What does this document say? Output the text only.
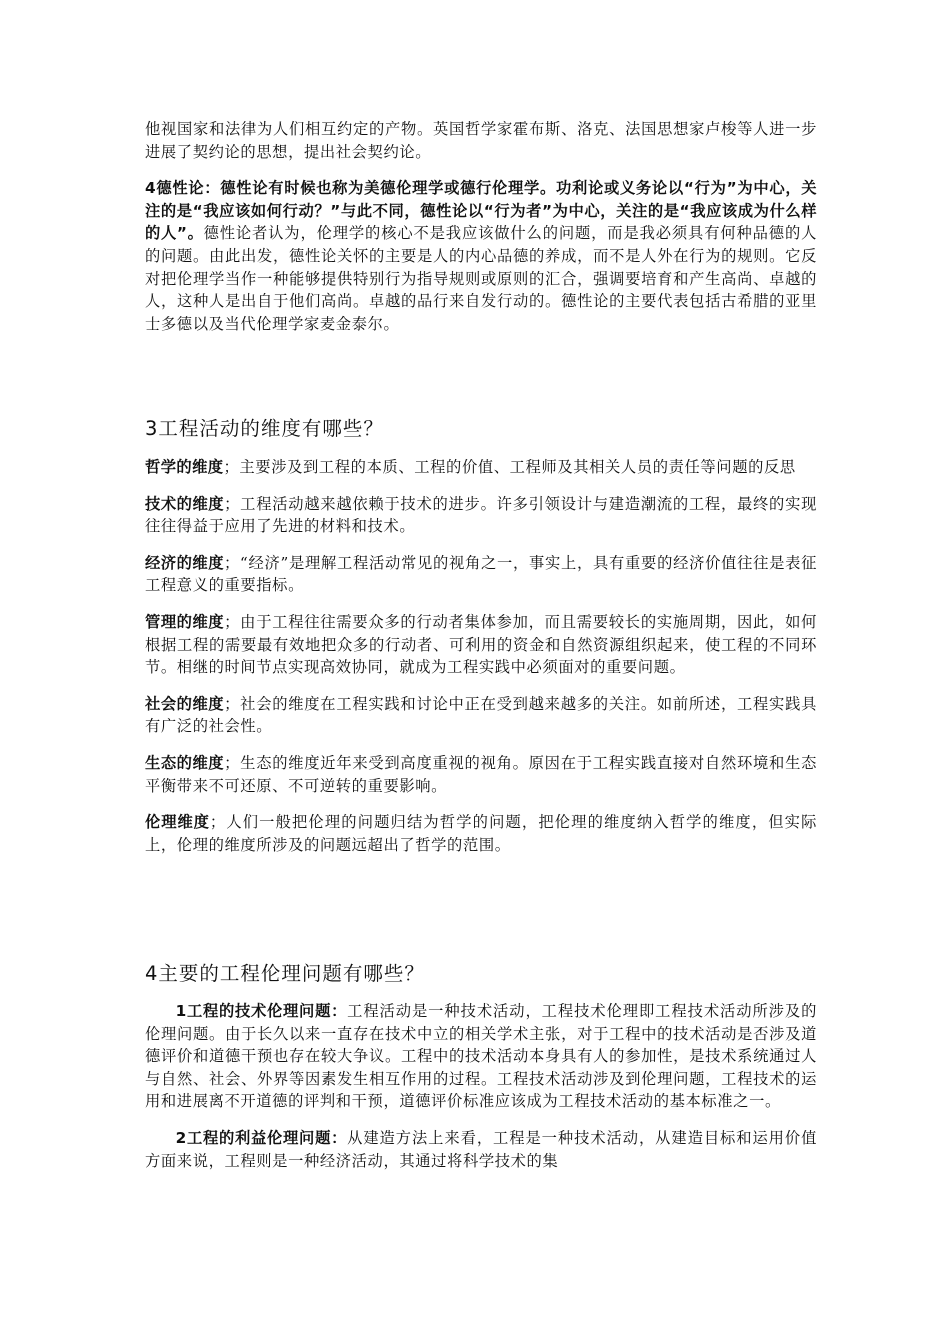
他视国家和法律为人们相互约定的产物。英国哲学家霍布斯、洛克、法国思想家卢梭等人进一步进展了契约论的思想，提出社会契约论。

4德性论：德性论有时候也称为美德伦理学或德行伦理学。功利论或义务论以“行为”为中心，关注的是“我应该如何行动？”与此不同，德性论以“行为者”为中心，关注的是“我应该成为什么样的人”。德性论者认为，伦理学的核心不是我应该做什么的问题，而是我必须具有何种品德的人的问题。由此出发，德性论关怀的主要是人的内心品德的养成，而不是人外在行为的规则。它反对把伦理学当作一种能够提供特别行为指导规则或原则的汇合，强调要培育和产生高尚、卓越的人，这种人是出自于他们高尚。卓越的品行来自发行动的。德性论的主要代表包括古希腊的亚里士多德以及当代伦理学家麦金泰尔。

3工程活动的维度有哪些？

哲学的维度；主要涉及到工程的本质、工程的价值、工程师及其相关人员的责任等问题的反思

技术的维度；工程活动越来越依赖于技术的进步。许多引领设计与建造潮流的工程，最终的实现往往得益于应用了先进的材料和技术。

经济的维度；“经济”是理解工程活动常见的视角之一，事实上，具有重要的经济价值往往是表征工程意义的重要指标。

管理的维度；由于工程往往需要众多的行动者集体参加，而且需要较长的实施周期，因此，如何根据工程的需要最有效地把众多的行动者、可利用的资金和自然资源组织起来，使工程的不同环节。相继的时间节点实现高效协同，就成为工程实践中必须面对的重要问题。

社会的维度；社会的维度在工程实践和讨论中正在受到越来越多的关注。如前所述，工程实践具有广泛的社会性。

生态的维度；生态的维度近年来受到高度重视的视角。原因在于工程实践直接对自然环境和生态平衡带来不可还原、不可逆转的重要影响。

伦理维度；人们一般把伦理的问题归结为哲学的问题，把伦理的维度纳入哲学的维度，但实际上，伦理的维度所涉及的问题远超出了哲学的范围。

4主要的工程伦理问题有哪些？

1工程的技术伦理问题：工程活动是一种技术活动，工程技术伦理即工程技术活动所涉及的伦理问题。由于长久以来一直存在技术中立的相关学术主张，对于工程中的技术活动是否涉及道德评价和道德干预也存在较大争议。工程中的技术活动本身具有人的参加性，是技术系统通过人与自然、社会、外界等因素发生相互作用的过程。工程技术活动涉及到伦理问题，工程技术的运用和进展离不开道德的评判和干预，道德评价标准应该成为工程技术活动的基本标准之一。

2工程的利益伦理问题：从建造方法上来看，工程是一种技术活动，从建造目标和运用价值方面来说，工程则是一种经济活动，其通过将科学技术的集
